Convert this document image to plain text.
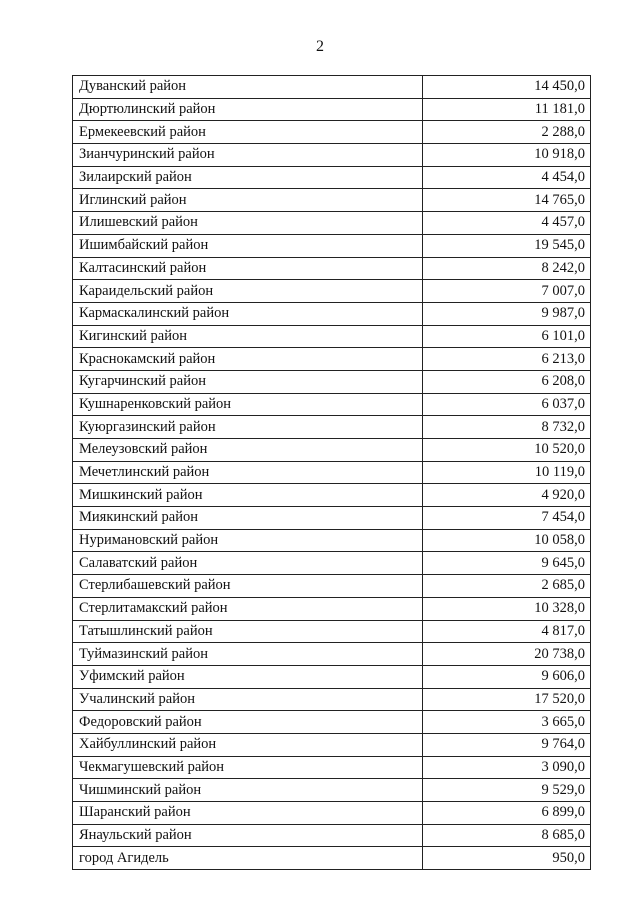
2
Дуванский район	14 450,0
Дюртюлинский район	11 181,0
Ермекеевский район	2 288,0
Зианчуринский район	10 918,0
Зилаирский район	4 454,0
Иглинский район	14 765,0
Илишевский район	4 457,0
Ишимбайский район	19 545,0
Калтасинский район	8 242,0
Караидельский район	7 007,0
Кармаскалинский район	9 987,0
Кигинский район	6 101,0
Краснокамский район	6 213,0
Кугарчинский район	6 208,0
Кушнаренковский район	6 037,0
Куюргазинский район	8 732,0
Мелеузовский район	10 520,0
Мечетлинский район	10 119,0
Мишкинский район	4 920,0
Миякинский район	7 454,0
Нуримановский район	10 058,0
Салаватский район	9 645,0
Стерлибашевский район	2 685,0
Стерлитамакский район	10 328,0
Татышлинский район	4 817,0
Туймазинский район	20 738,0
Уфимский район	9 606,0
Учалинский район	17 520,0
Федоровский район	3 665,0
Хайбуллинский район	9 764,0
Чекмагушевский район	3 090,0
Чишминский район	9 529,0
Шаранский район	6 899,0
Янаульский район	8 685,0
город Агидель	950,0
